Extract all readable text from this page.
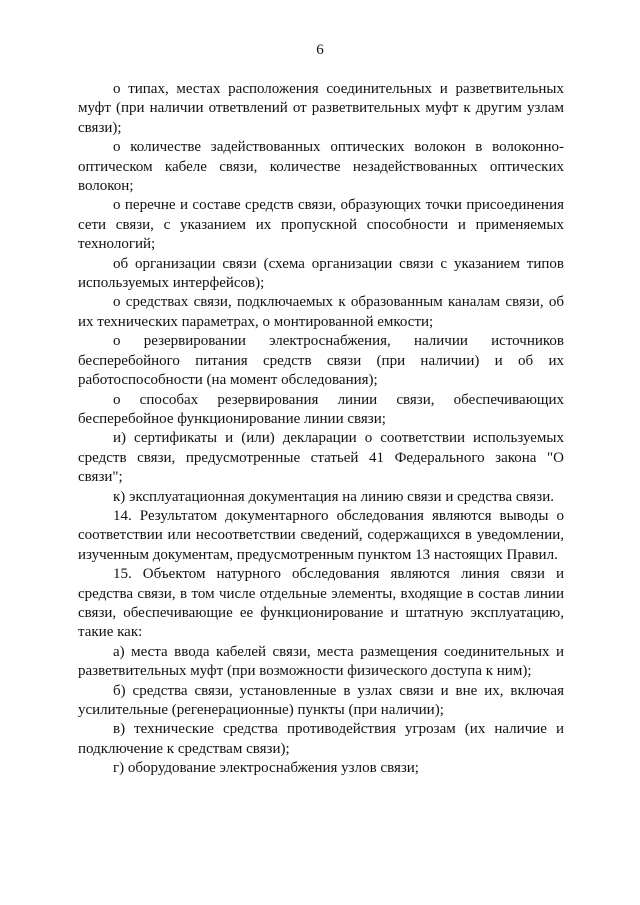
6

о типах, местах расположения соединительных и разветвительных муфт (при наличии ответвлений от разветвительных муфт к другим узлам связи);

о количестве задействованных оптических волокон в волоконно-оптическом кабеле связи, количестве незадействованных оптических волокон;

о перечне и составе средств связи, образующих точки присоединения сети связи, с указанием их пропускной способности и применяемых технологий;

об организации связи (схема организации связи с указанием типов используемых интерфейсов);

о средствах связи, подключаемых к образованным каналам связи, об их технических параметрах, о монтированной емкости;

о резервировании электроснабжения, наличии источников бесперебойного питания средств связи (при наличии) и об их работоспособности (на момент обследования);

о способах резервирования линии связи, обеспечивающих бесперебойное функционирование линии связи;

и) сертификаты и (или) декларации о соответствии используемых средств связи, предусмотренные статьей 41 Федерального закона "О связи";

к) эксплуатационная документация на линию связи и средства связи.

14. Результатом документарного обследования являются выводы о соответствии или несоответствии сведений, содержащихся в уведомлении, изученным документам, предусмотренным пунктом 13 настоящих Правил.

15. Объектом натурного обследования являются линия связи и средства связи, в том числе отдельные элементы, входящие в состав линии связи, обеспечивающие ее функционирование и штатную эксплуатацию, такие как:

а) места ввода кабелей связи, места размещения соединительных и разветвительных муфт (при возможности физического доступа к ним);

б) средства связи, установленные в узлах связи и вне их, включая усилительные (регенерационные) пункты (при наличии);

в) технические средства противодействия угрозам (их наличие и подключение к средствам связи);

г) оборудование электроснабжения узлов связи;
